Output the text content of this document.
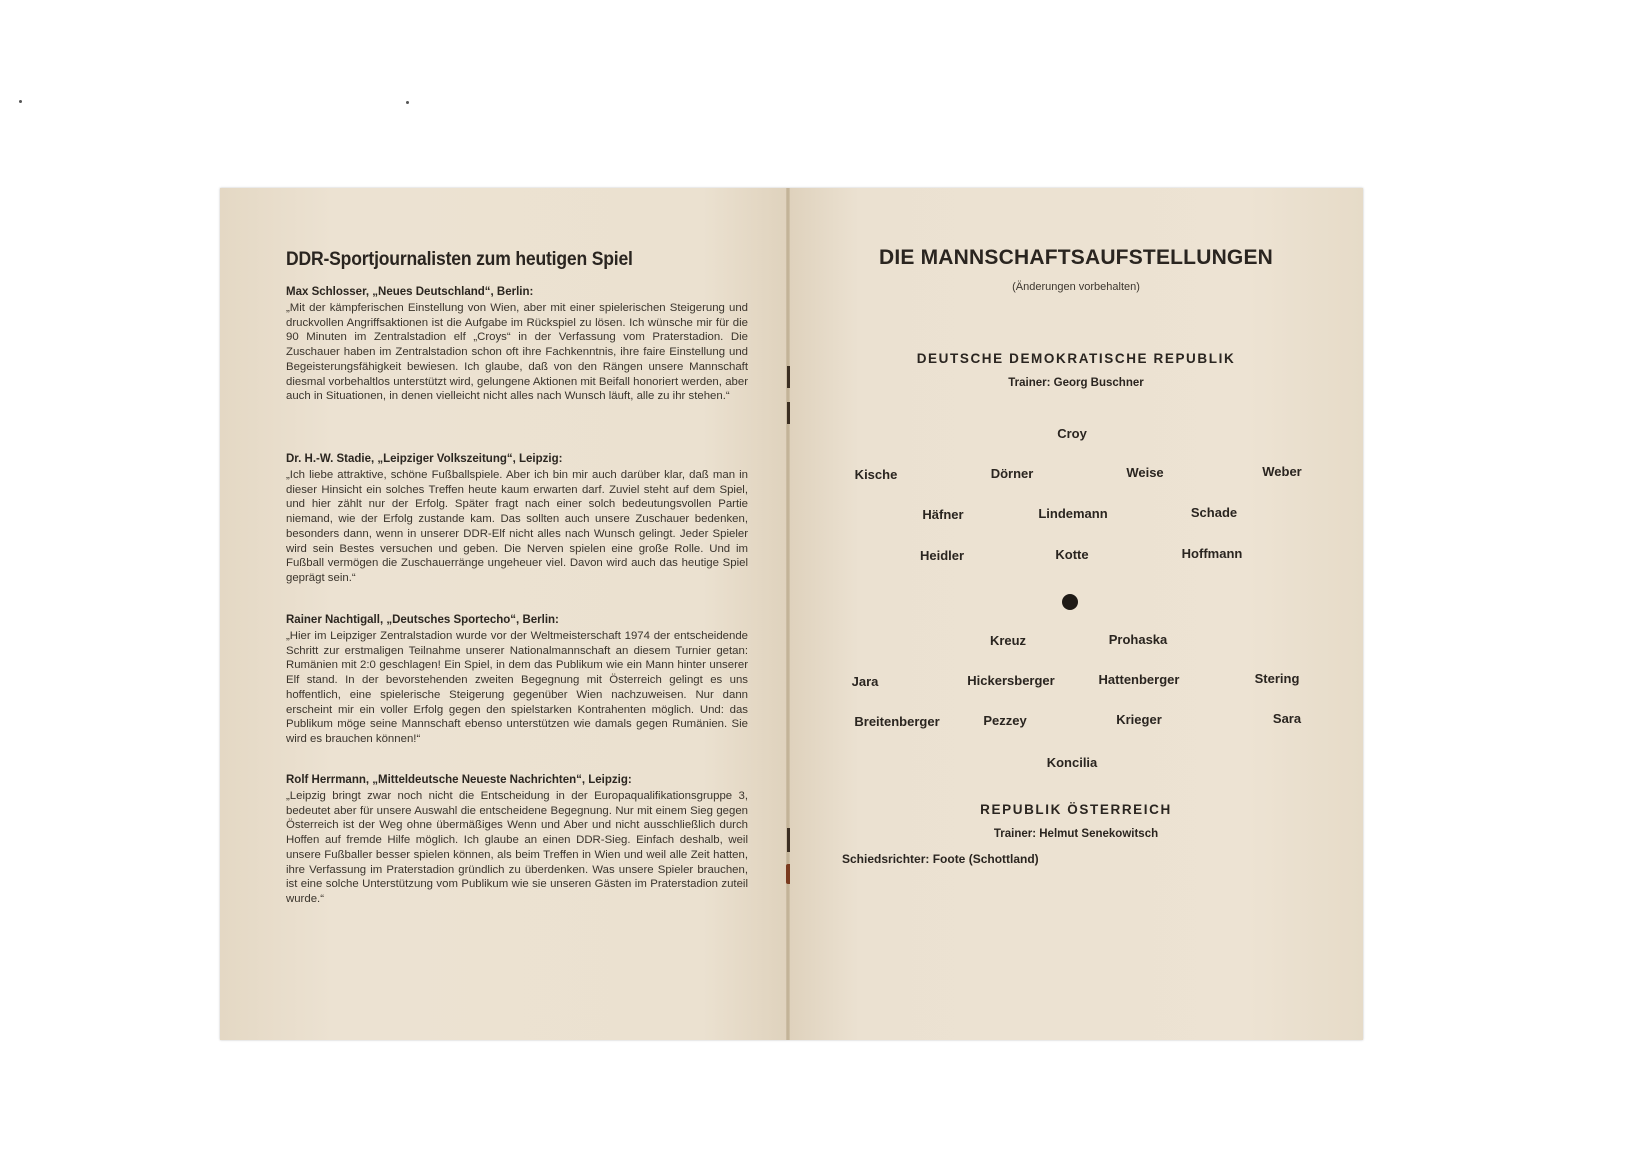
DDR-Sportjournalisten zum heutigen Spiel

Max Schlosser, „Neues Deutschland“, Berlin:

„Mit der kämpferischen Einstellung von Wien, aber mit einer spielerischen Steigerung und druckvollen Angriffsaktionen ist die Aufgabe im Rückspiel zu lösen. Ich wünsche mir für die 90 Minuten im Zentralstadion elf „Croys“ in der Verfassung vom Praterstadion. Die Zuschauer haben im Zentralstadion schon oft ihre Fachkenntnis, ihre faire Einstellung und Begeisterungsfähigkeit bewiesen. Ich glaube, daß von den Rängen unsere Mannschaft diesmal vorbehaltlos unterstützt wird, gelungene Aktionen mit Beifall honoriert werden, aber auch in Situationen, in denen vielleicht nicht alles nach Wunsch läuft, alle zu ihr stehen.“

Dr. H.-W. Stadie, „Leipziger Volkszeitung“, Leipzig:

„Ich liebe attraktive, schöne Fußballspiele. Aber ich bin mir auch darüber klar, daß man in dieser Hinsicht ein solches Treffen heute kaum erwarten darf. Zuviel steht auf dem Spiel, und hier zählt nur der Erfolg. Später fragt nach einer solch bedeutungsvollen Partie niemand, wie der Erfolg zustande kam. Das sollten auch unsere Zuschauer bedenken, besonders dann, wenn in unserer DDR-Elf nicht alles nach Wunsch gelingt. Jeder Spieler wird sein Bestes versuchen und geben. Die Nerven spielen eine große Rolle. Und im Fußball vermögen die Zuschauerränge ungeheuer viel. Davon wird auch das heutige Spiel geprägt sein.“

Rainer Nachtigall, „Deutsches Sportecho“, Berlin:

„Hier im Leipziger Zentralstadion wurde vor der Weltmeisterschaft 1974 der entscheidende Schritt zur erstmaligen Teilnahme unserer Nationalmannschaft an diesem Turnier getan: Rumänien mit 2:0 geschlagen! Ein Spiel, in dem das Publikum wie ein Mann hinter unserer Elf stand. In der bevorstehenden zweiten Begegnung mit Österreich gelingt es uns hoffentlich, eine spielerische Steigerung gegenüber Wien nachzuweisen. Nur dann erscheint mir ein voller Erfolg gegen den spielstarken Kontrahenten möglich. Und: das Publikum möge seine Mannschaft ebenso unterstützen wie damals gegen Rumänien. Sie wird es brauchen können!“

Rolf Herrmann, „Mitteldeutsche Neueste Nachrichten“, Leipzig:

„Leipzig bringt zwar noch nicht die Entscheidung in der Europaqualifikationsgruppe 3, bedeutet aber für unsere Auswahl die entscheidene Begegnung. Nur mit einem Sieg gegen Österreich ist der Weg ohne übermäßiges Wenn und Aber und nicht ausschließlich durch Hoffen auf fremde Hilfe möglich. Ich glaube an einen DDR-Sieg. Einfach deshalb, weil unsere Fußballer besser spielen können, als beim Treffen in Wien und weil alle Zeit hatten, ihre Verfassung im Praterstadion gründlich zu überdenken. Was unsere Spieler brauchen, ist eine solche Unterstützung vom Publikum wie sie unseren Gästen im Praterstadion zuteil wurde.“

DIE MANNSCHAFTSAUFSTELLUNGEN
(Änderungen vorbehalten)
DEUTSCHE DEMOKRATISCHE REPUBLIK
Trainer: Georg Buschner
Croy
Kische	Dörner	Weise	Weber
Häfner	Lindemann	Schade
Heidler	Kotte	Hoffmann
Kreuz	Prohaska
Jara	Hickersberger	Hattenberger	Stering
Breitenberger	Pezzey	Krieger	Sara
Koncilia
REPUBLIK ÖSTERREICH
Trainer: Helmut Senekowitsch
Schiedsrichter: Foote (Schottland)
